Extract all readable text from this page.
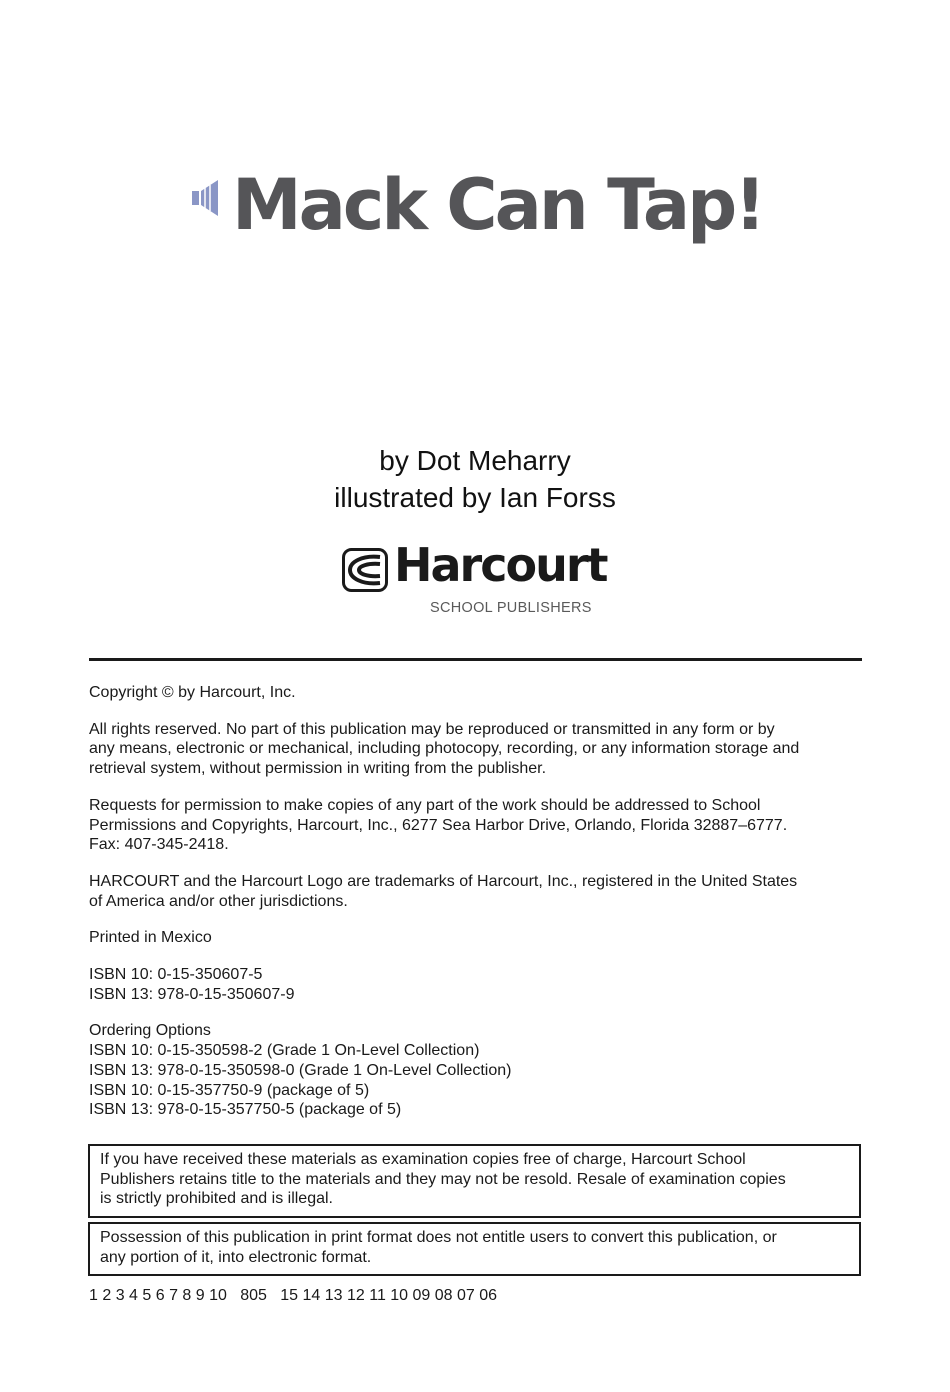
Mack Can Tap!
by Dot Meharry
illustrated by Ian Forss
Harcourt
SCHOOL PUBLISHERS

Copyright © by Harcourt, Inc.

All rights reserved. No part of this publication may be reproduced or transmitted in any form or by
any means, electronic or mechanical, including photocopy, recording, or any information storage and
retrieval system, without permission in writing from the publisher.

Requests for permission to make copies of any part of the work should be addressed to School
Permissions and Copyrights, Harcourt, Inc., 6277 Sea Harbor Drive, Orlando, Florida 32887–6777.
Fax: 407-345-2418.

HARCOURT and the Harcourt Logo are trademarks of Harcourt, Inc., registered in the United States
of America and/or other jurisdictions.

Printed in Mexico

ISBN 10: 0-15-350607-5
ISBN 13: 978-0-15-350607-9

Ordering Options
ISBN 10: 0-15-350598-2 (Grade 1 On-Level Collection)
ISBN 13: 978-0-15-350598-0 (Grade 1 On-Level Collection)
ISBN 10: 0-15-357750-9 (package of 5)
ISBN 13: 978-0-15-357750-5 (package of 5)

If you have received these materials as examination copies free of charge, Harcourt School
Publishers retains title to the materials and they may not be resold. Resale of examination copies
is strictly prohibited and is illegal.
Possession of this publication in print format does not entitle users to convert this publication, or
any portion of it, into electronic format.
1 2 3 4 5 6 7 8 9 10   805   15 14 13 12 11 10 09 08 07 06
